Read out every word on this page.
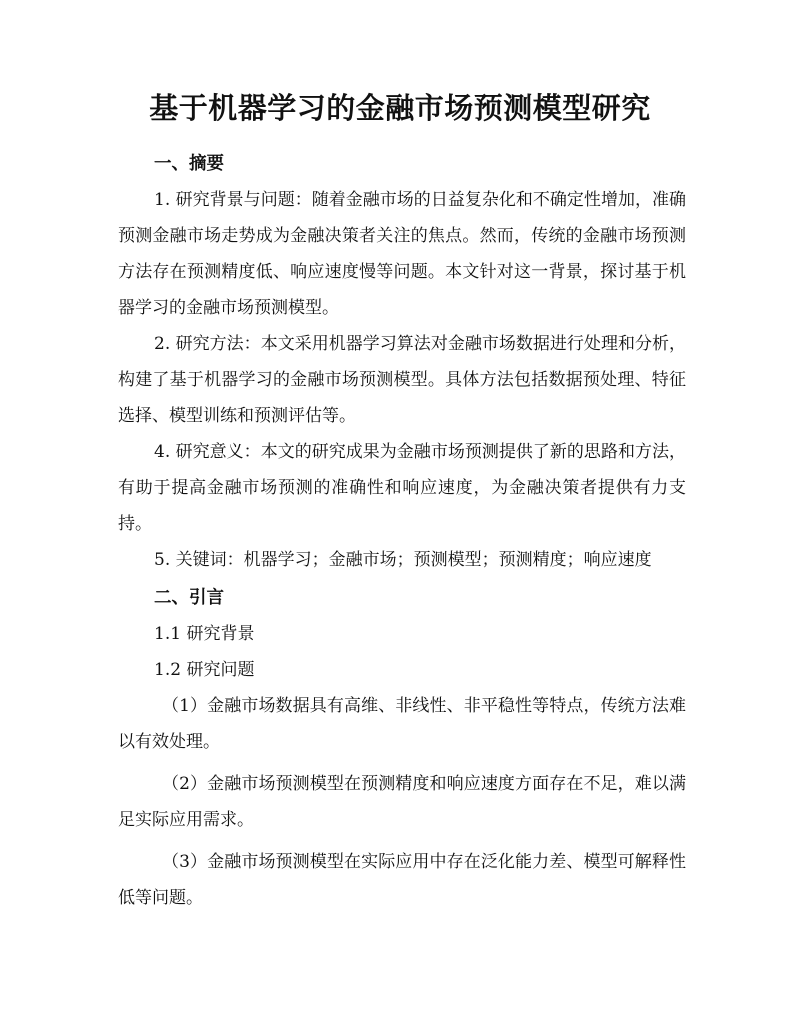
基于机器学习的金融市场预测模型研究

一、摘要

1. 研究背景与问题：随着金融市场的日益复杂化和不确定性增加，准确预测金融市场走势成为金融决策者关注的焦点。然而，传统的金融市场预测方法存在预测精度低、响应速度慢等问题。本文针对这一背景，探讨基于机器学习的金融市场预测模型。

2. 研究方法：本文采用机器学习算法对金融市场数据进行处理和分析，构建了基于机器学习的金融市场预测模型。具体方法包括数据预处理、特征选择、模型训练和预测评估等。

4. 研究意义：本文的研究成果为金融市场预测提供了新的思路和方法，有助于提高金融市场预测的准确性和响应速度，为金融决策者提供有力支持。

5. 关键词：机器学习；金融市场；预测模型；预测精度；响应速度

二、引言

1.1 研究背景

1.2 研究问题

（1）金融市场数据具有高维、非线性、非平稳性等特点，传统方法难以有效处理。

（2）金融市场预测模型在预测精度和响应速度方面存在不足，难以满足实际应用需求。

（3）金融市场预测模型在实际应用中存在泛化能力差、模型可解释性低等问题。
